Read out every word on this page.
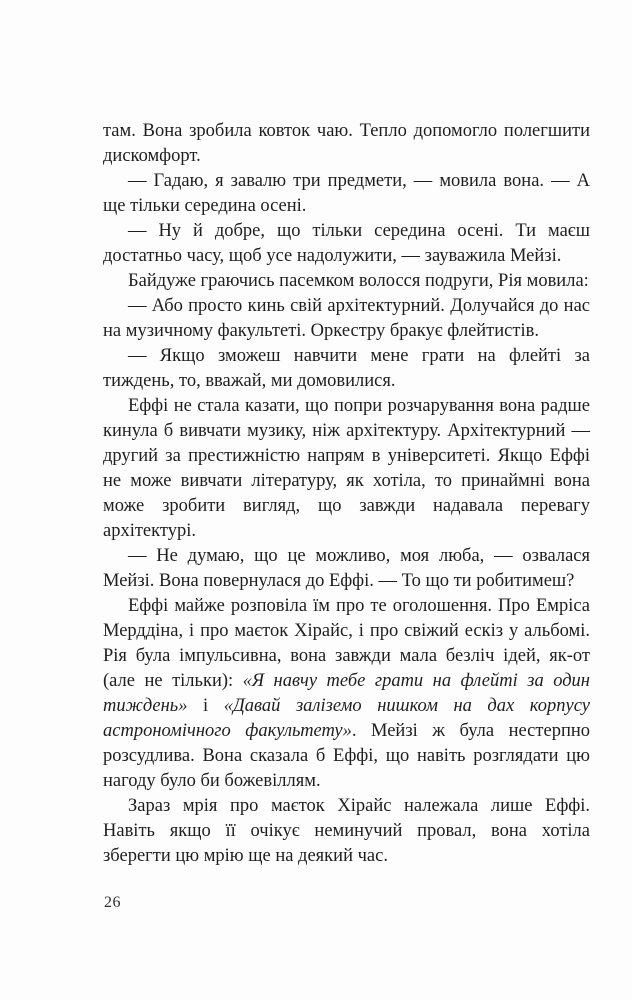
там. Вона зробила ковток чаю. Тепло допомогло полегшити дискомфорт.

— Гадаю, я завалю три предмети, — мовила вона. — А ще тільки середина осені.

— Ну й добре, що тільки середина осені. Ти маєш достатньо часу, щоб усе надолужити, — зауважила Мейзі.

Байдуже граючись пасемком волосся подруги, Рія мовила:

— Або просто кинь свій архітектурний. Долучайся до нас на музичному факультеті. Оркестру бракує флейтистів.

— Якщо зможеш навчити мене грати на флейті за тиждень, то, вважай, ми домовилися.

Еффі не стала казати, що попри розчарування вона радше кинула б вивчати музику, ніж архітектуру. Архітектурний — другий за престижністю напрям в університеті. Якщо Еффі не може вивчати літературу, як хотіла, то принаймні вона може зробити вигляд, що завжди надавала перевагу архітектурі.

— Не думаю, що це можливо, моя люба, — озвалася Мейзі. Вона повернулася до Еффі. — То що ти робитимеш?

Еффі майже розповіла їм про те оголошення. Про Емріса Мерддіна, і про маєток Хірайс, і про свіжий ескіз у альбомі. Рія була імпульсивна, вона завжди мала безліч ідей, як-от (але не тільки): «Я навчу тебе грати на флейті за один тиждень» і «Давай заліземо нишком на дах корпусу астрономічного факультету». Мейзі ж була нестерпно розсудлива. Вона сказала б Еффі, що навіть розглядати цю нагоду було би божевіллям.

Зараз мрія про маєток Хірайс належала лише Еффі. Навіть якщо її очікує неминучий провал, вона хотіла зберегти цю мрію ще на деякий час.

26
